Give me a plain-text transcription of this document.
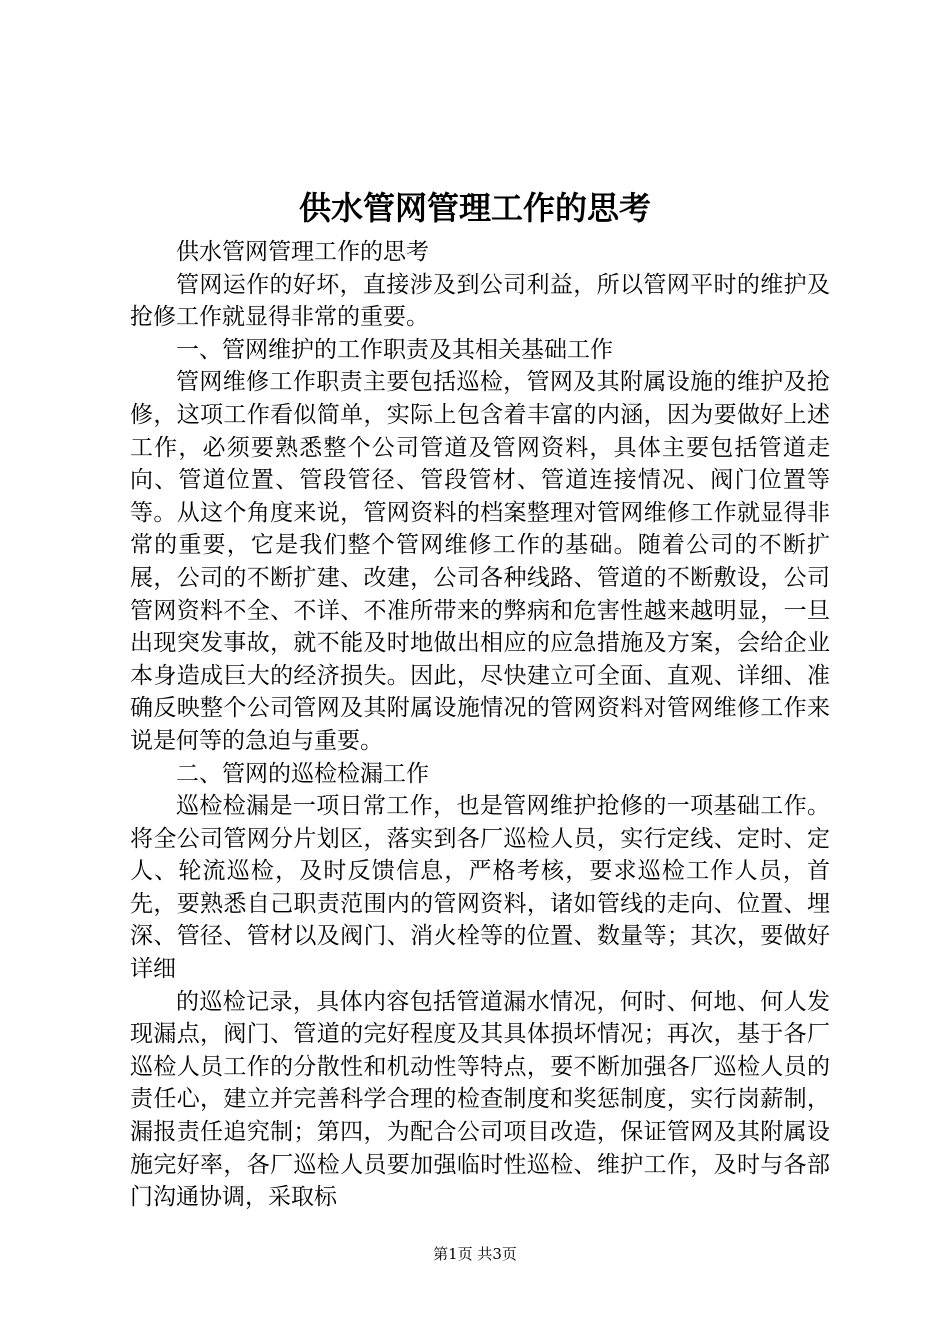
供水管网管理工作的思考

供水管网管理工作的思考

管网运作的好坏，直接涉及到公司利益，所以管网平时的维护及抢修工作就显得非常的重要。

一、管网维护的工作职责及其相关基础工作

管网维修工作职责主要包括巡检，管网及其附属设施的维护及抢修，这项工作看似简单，实际上包含着丰富的内涵，因为要做好上述工作，必须要熟悉整个公司管道及管网资料，具体主要包括管道走向、管道位置、管段管径、管段管材、管道连接情况、阀门位置等等。从这个角度来说，管网资料的档案整理对管网维修工作就显得非常的重要，它是我们整个管网维修工作的基础。随着公司的不断扩展，公司的不断扩建、改建，公司各种线路、管道的不断敷设，公司管网资料不全、不详、不准所带来的弊病和危害性越来越明显，一旦出现突发事故，就不能及时地做出相应的应急措施及方案，会给企业本身造成巨大的经济损失。因此，尽快建立可全面、直观、详细、准确反映整个公司管网及其附属设施情况的管网资料对管网维修工作来说是何等的急迫与重要。

二、管网的巡检检漏工作

巡检检漏是一项日常工作，也是管网维护抢修的一项基础工作。将全公司管网分片划区，落实到各厂巡检人员，实行定线、定时、定人、轮流巡检，及时反馈信息，严格考核，要求巡检工作人员，首先，要熟悉自己职责范围内的管网资料，诸如管线的走向、位置、埋深、管径、管材以及阀门、消火栓等的位置、数量等；其次，要做好详细

的巡检记录，具体内容包括管道漏水情况，何时、何地、何人发现漏点，阀门、管道的完好程度及其具体损坏情况；再次，基于各厂巡检人员工作的分散性和机动性等特点，要不断加强各厂巡检人员的责任心，建立并完善科学合理的检查制度和奖惩制度，实行岗薪制，漏报责任追究制；第四，为配合公司项目改造，保证管网及其附属设施完好率，各厂巡检人员要加强临时性巡检、维护工作，及时与各部门沟通协调，采取标

第1页 共3页
